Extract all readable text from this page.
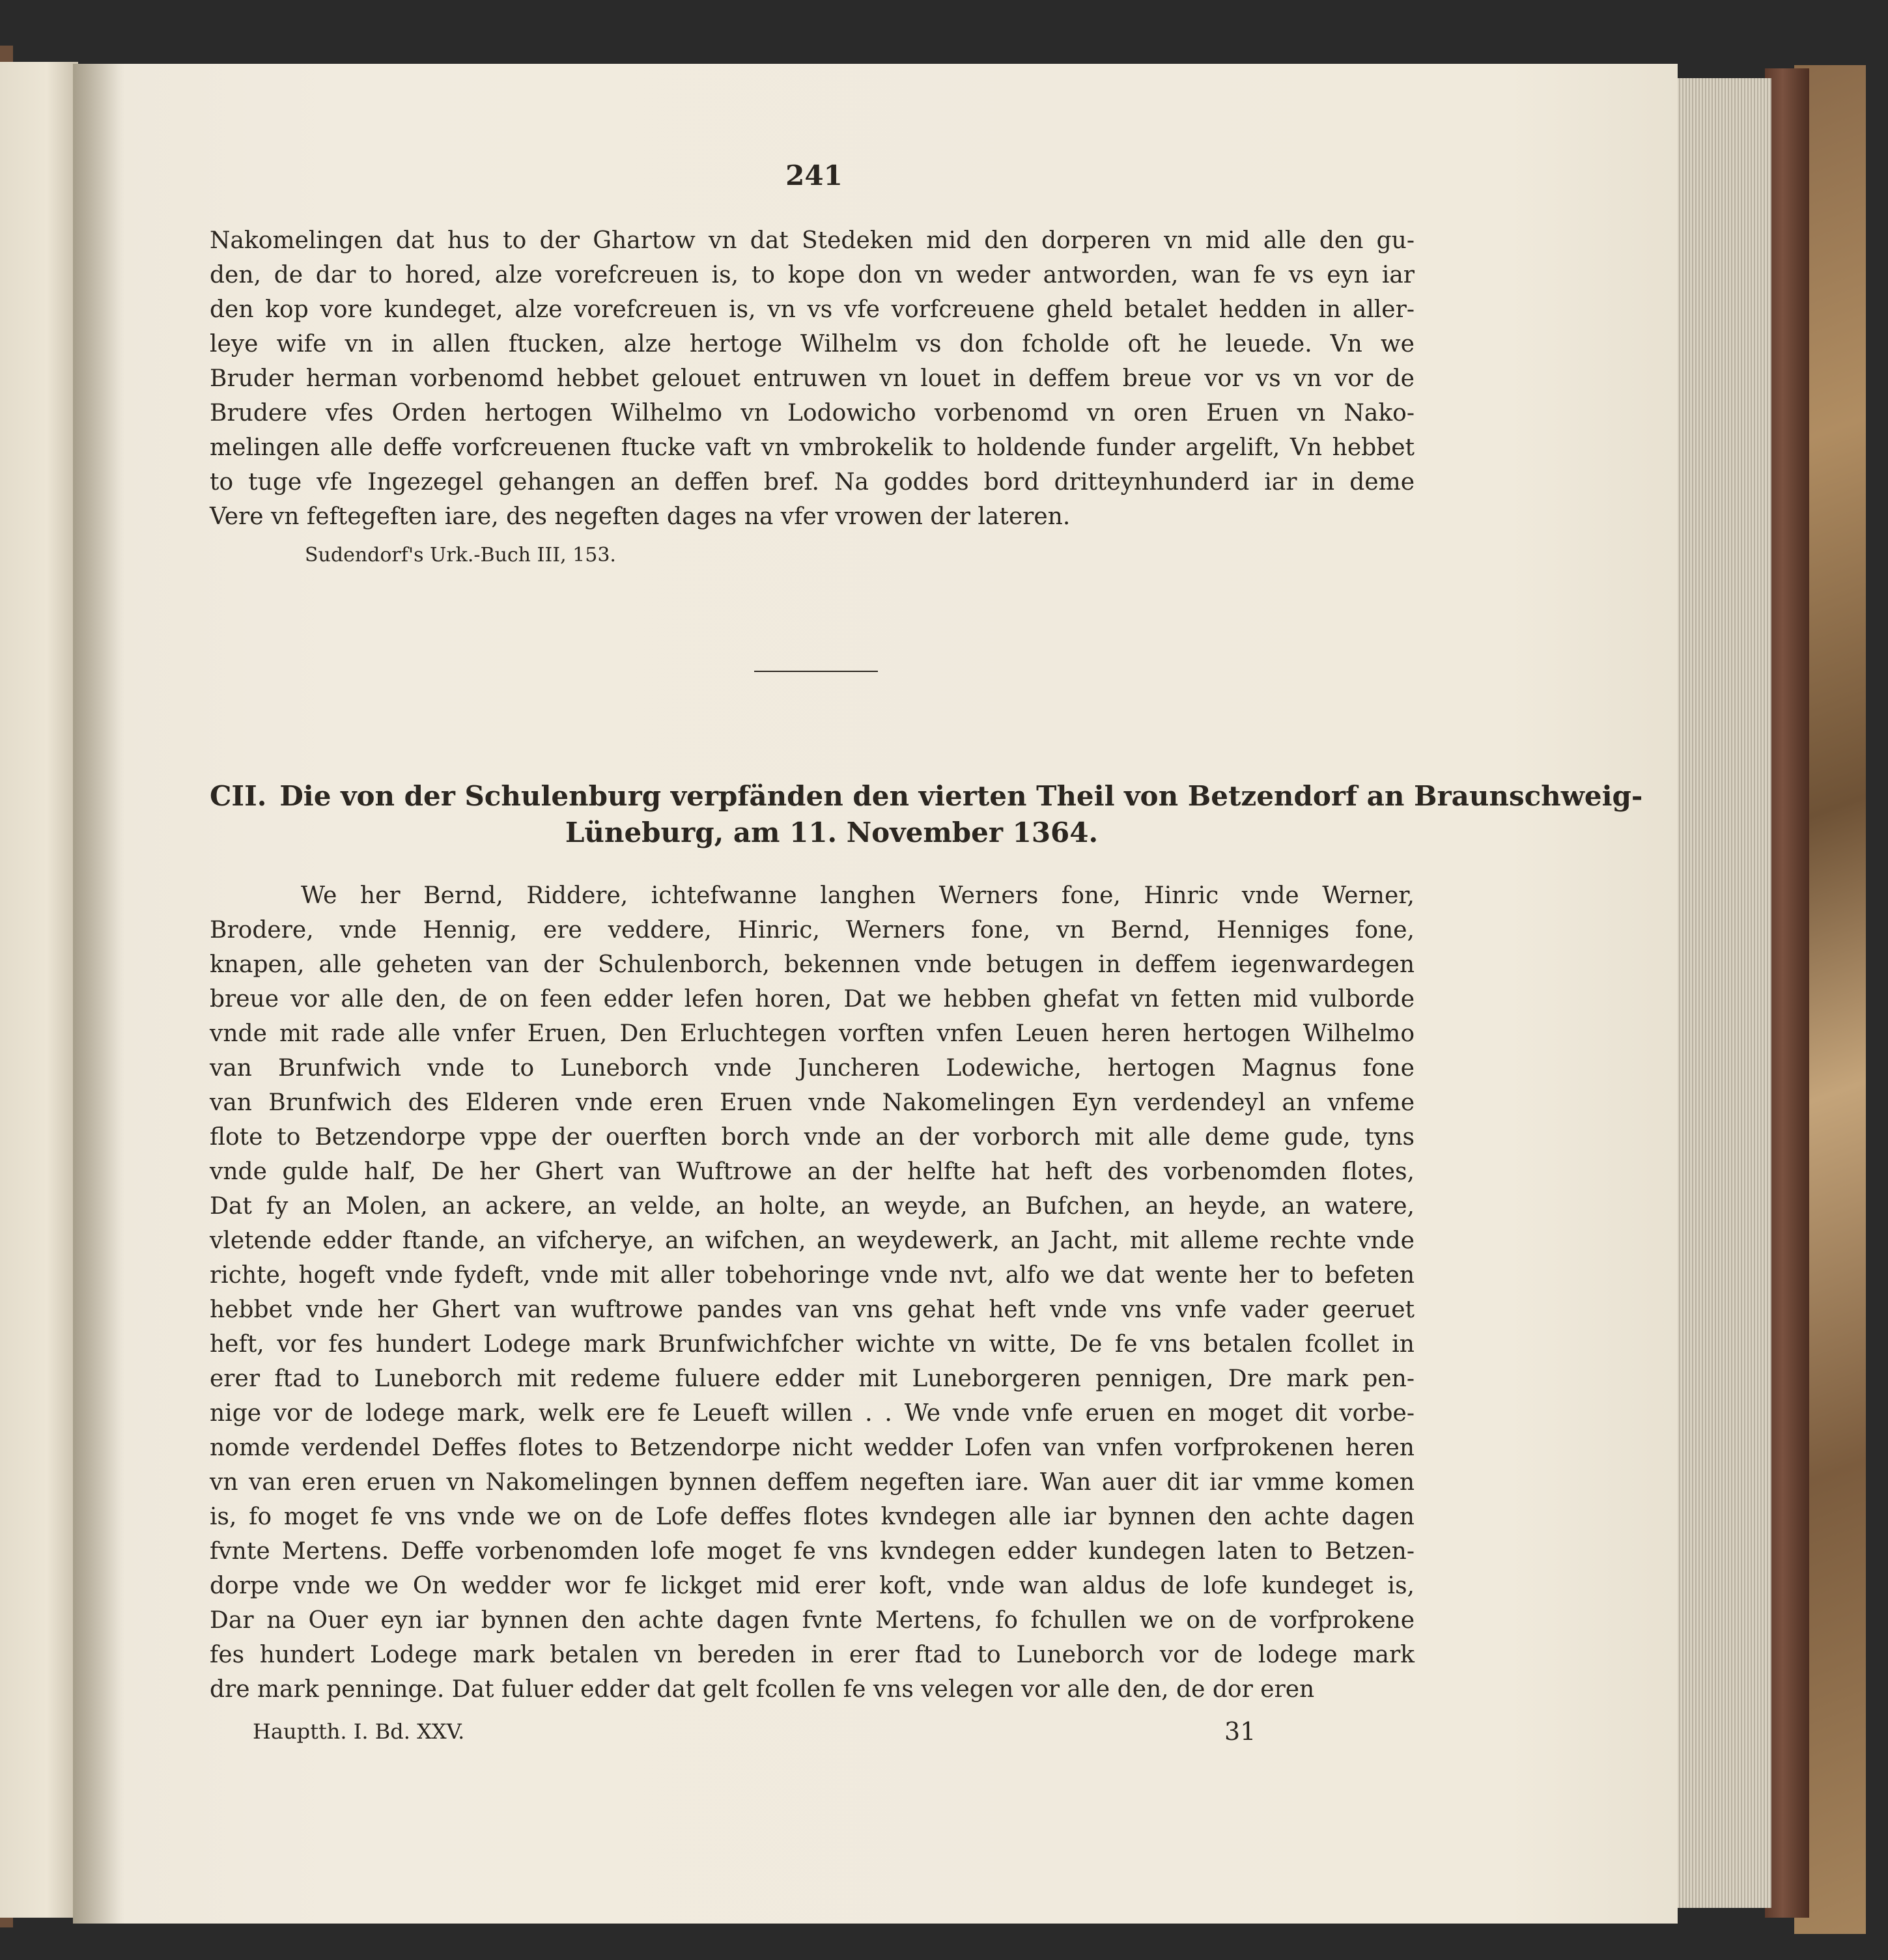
241
Nakomelingen dat hus to der Ghartow vn dat Stedeken mid den dorperen vn mid alle den gu-
den, de dar to hored, alze vorefcreuen is, to kope don vn weder antworden, wan fe vs eyn iar
den kop vore kundeget, alze vorefcreuen is, vn vs vfe vorfcreuene gheld betalet hedden in aller-
leye wife vn in allen ftucken, alze hertoge Wilhelm vs don fcholde oft he leuede. Vn we
Bruder herman vorbenomd hebbet gelouet entruwen vn louet in deffem breue vor vs vn vor de
Brudere vfes Orden hertogen Wilhelmo vn Lodowicho vorbenomd vn oren Eruen vn Nako-
melingen alle deffe vorfcreuenen ftucke vaft vn vmbrokelik to holdende funder argelift, Vn hebbet
to tuge vfe Ingezegel gehangen an deffen bref. Na goddes bord dritteynhunderd iar in deme
Vere vn feftegeften iare, des negeften dages na vfer vrowen der lateren.
Sudendorf's Urk.-Buch III, 153.
CII. Die von der Schulenburg verpfänden den vierten Theil von Betzendorf an Braunschweig-
Lüneburg, am 11. November 1364.
We her Bernd, Riddere, ichtefwanne langhen Werners fone, Hinric vnde Werner,
Brodere, vnde Hennig, ere veddere, Hinric, Werners fone, vn Bernd, Henniges fone,
knapen, alle geheten van der Schulenborch, bekennen vnde betugen in deffem iegenwardegen
breue vor alle den, de on feen edder lefen horen, Dat we hebben ghefat vn fetten mid vulborde
vnde mit rade alle vnfer Eruen, Den Erluchtegen vorften vnfen Leuen heren hertogen Wilhelmo
van Brunfwich vnde to Luneborch vnde Juncheren Lodewiche, hertogen Magnus fone
van Brunfwich des Elderen vnde eren Eruen vnde Nakomelingen Eyn verdendeyl an vnfeme
flote to Betzendorpe vppe der ouerften borch vnde an der vorborch mit alle deme gude, tyns
vnde gulde half, De her Ghert van Wuftrowe an der helfte hat heft des vorbenomden flotes,
Dat fy an Molen, an ackere, an velde, an holte, an weyde, an Bufchen, an heyde, an watere,
vletende edder ftande, an vifcherye, an wifchen, an weydewerk, an Jacht, mit alleme rechte vnde
richte, hogeft vnde fydeft, vnde mit aller tobehoringe vnde nvt, alfo we dat wente her to befeten
hebbet vnde her Ghert van wuftrowe pandes van vns gehat heft vnde vns vnfe vader geeruet
heft, vor fes hundert Lodege mark Brunfwichfcher wichte vn witte, De fe vns betalen fcollet in
erer ftad to Luneborch mit redeme fuluere edder mit Luneborgeren pennigen, Dre mark pen-
nige vor de lodege mark, welk ere fe Leueft willen . . We vnde vnfe eruen en moget dit vorbe-
nomde verdendel Deffes flotes to Betzendorpe nicht wedder Lofen van vnfen vorfprokenen heren
vn van eren eruen vn Nakomelingen bynnen deffem negeften iare. Wan auer dit iar vmme komen
is, fo moget fe vns vnde we on de Lofe deffes flotes kvndegen alle iar bynnen den achte dagen
fvnte Mertens. Deffe vorbenomden lofe moget fe vns kvndegen edder kundegen laten to Betzen-
dorpe vnde we On wedder wor fe lickget mid erer koft, vnde wan aldus de lofe kundeget is,
Dar na Ouer eyn iar bynnen den achte dagen fvnte Mertens, fo fchullen we on de vorfprokene
fes hundert Lodege mark betalen vn bereden in erer ftad to Luneborch vor de lodege mark
dre mark penninge. Dat fuluer edder dat gelt fcollen fe vns velegen vor alle den, de dor eren
Hauptth. I. Bd. XXV.	31
